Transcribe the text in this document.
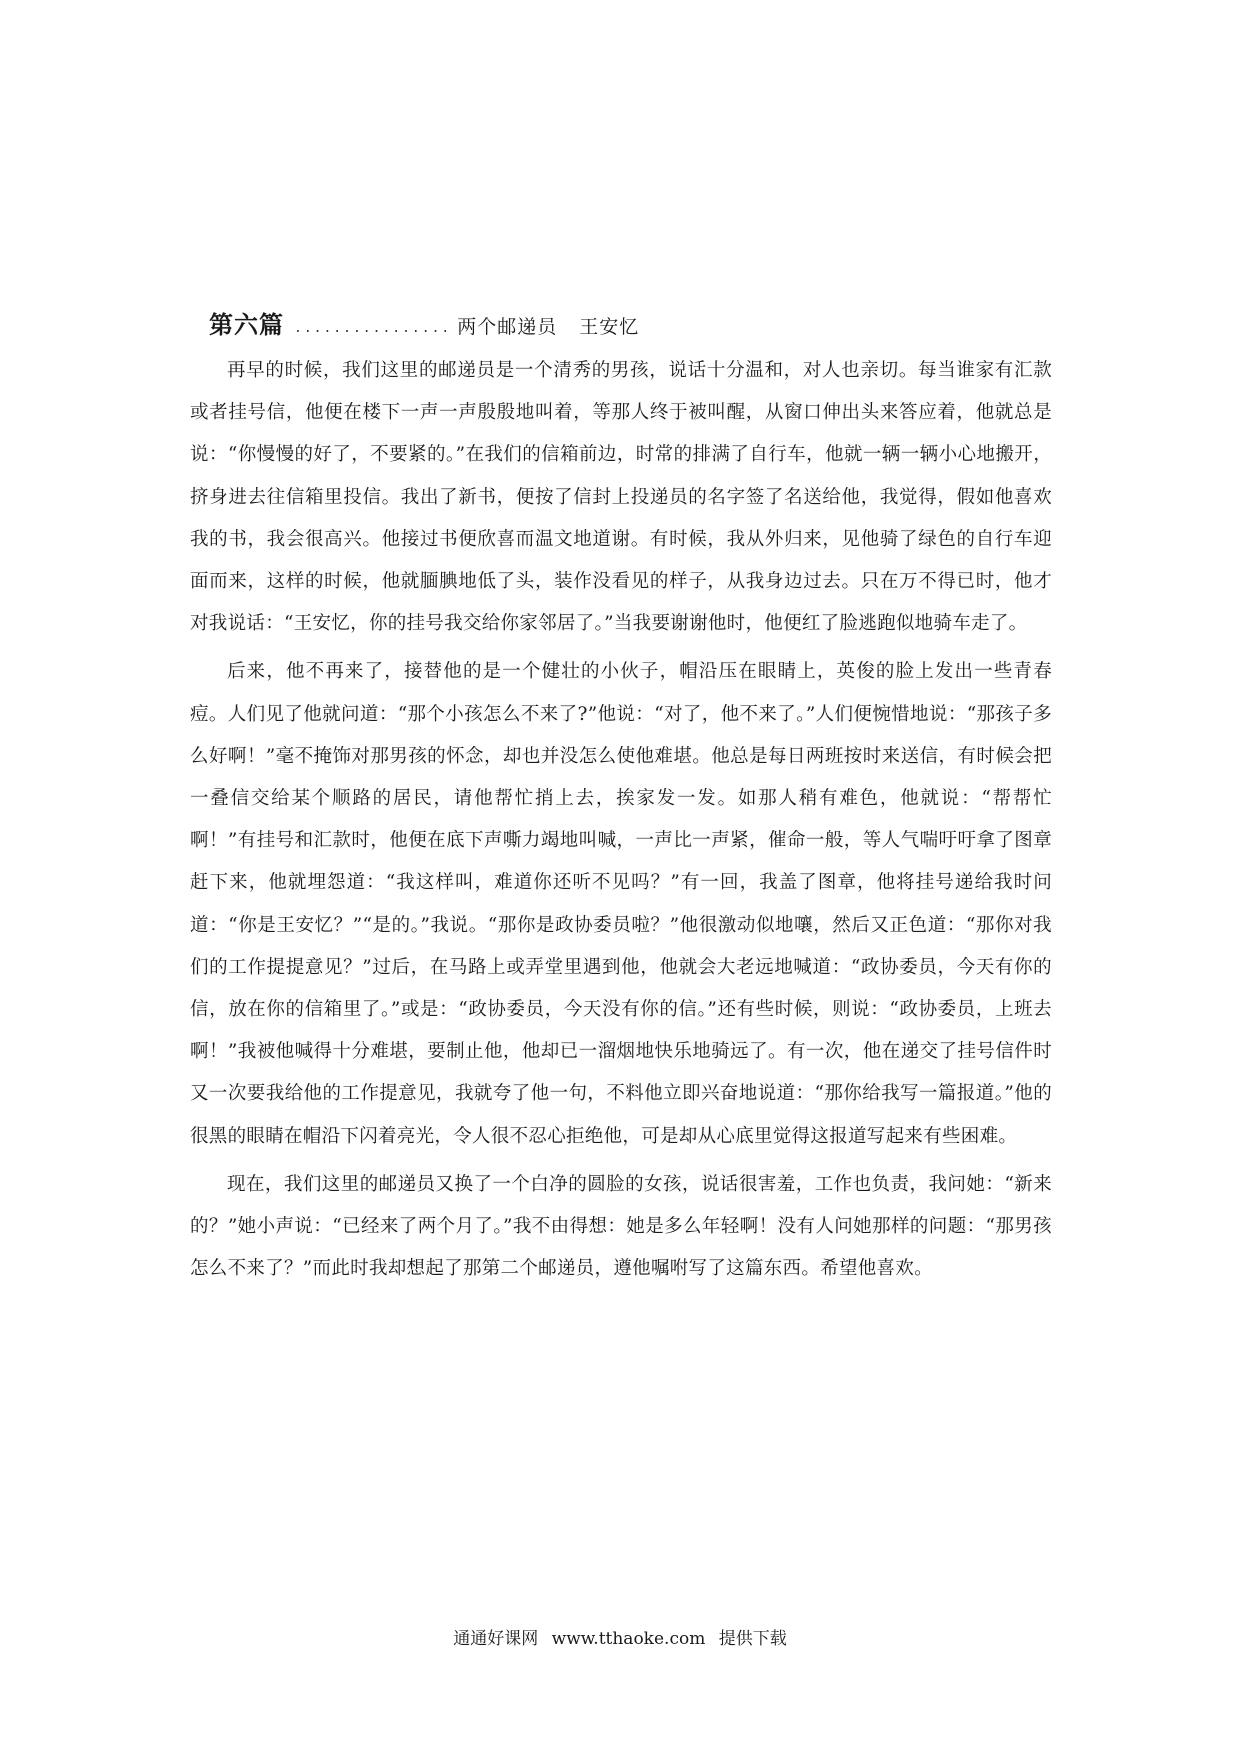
第六篇 ................ 两个邮递员 王安忆

再早的时候，我们这里的邮递员是一个清秀的男孩，说话十分温和，对人也亲切。每当谁家有汇款或者挂号信，他便在楼下一声一声殷殷地叫着，等那人终于被叫醒，从窗口伸出头来答应着，他就总是说：“你慢慢的好了，不要紧的。”在我们的信箱前边，时常的排满了自行车，他就一辆一辆小心地搬开，挤身进去往信箱里投信。我出了新书，便按了信封上投递员的名字签了名送给他，我觉得，假如他喜欢我的书，我会很高兴。他接过书便欣喜而温文地道谢。有时候，我从外归来，见他骑了绿色的自行车迎面而来，这样的时候，他就腼腆地低了头，装作没看见的样子，从我身边过去。只在万不得已时，他才对我说话：“王安忆，你的挂号我交给你家邻居了。”当我要谢谢他时，他便红了脸逃跑似地骑车走了。

后来，他不再来了，接替他的是一个健壮的小伙子，帽沿压在眼睛上，英俊的脸上发出一些青春痘。人们见了他就问道：“那个小孩怎么不来了?”他说：“对了，他不来了。”人们便惋惜地说：“那孩子多么好啊！”毫不掩饰对那男孩的怀念，却也并没怎么使他难堪。他总是每日两班按时来送信，有时候会把一叠信交给某个顺路的居民，请他帮忙捎上去，挨家发一发。如那人稍有难色，他就说：“帮帮忙啊！”有挂号和汇款时，他便在底下声嘶力竭地叫喊，一声比一声紧，催命一般，等人气喘吁吁拿了图章赶下来，他就埋怨道：“我这样叫，难道你还听不见吗？”有一回，我盖了图章，他将挂号递给我时问道：“你是王安忆？”“是的。”我说。“那你是政协委员啦？”他很激动似地嚷，然后又正色道：“那你对我们的工作提提意见？”过后，在马路上或弄堂里遇到他，他就会大老远地喊道：“政协委员，今天有你的信，放在你的信箱里了。”或是：“政协委员，今天没有你的信。”还有些时候，则说：“政协委员，上班去啊！”我被他喊得十分难堪，要制止他，他却已一溜烟地快乐地骑远了。有一次，他在递交了挂号信件时又一次要我给他的工作提意见，我就夸了他一句，不料他立即兴奋地说道：“那你给我写一篇报道。”他的很黑的眼睛在帽沿下闪着亮光，令人很不忍心拒绝他，可是却从心底里觉得这报道写起来有些困难。

现在，我们这里的邮递员又换了一个白净的圆脸的女孩，说话很害羞，工作也负责，我问她：“新来的？”她小声说：“已经来了两个月了。”我不由得想：她是多么年轻啊！没有人问她那样的问题：“那男孩怎么不来了？”而此时我却想起了那第二个邮递员，遵他嘱咐写了这篇东西。希望他喜欢。

通通好课网 www.tthaoke.com 提供下载
